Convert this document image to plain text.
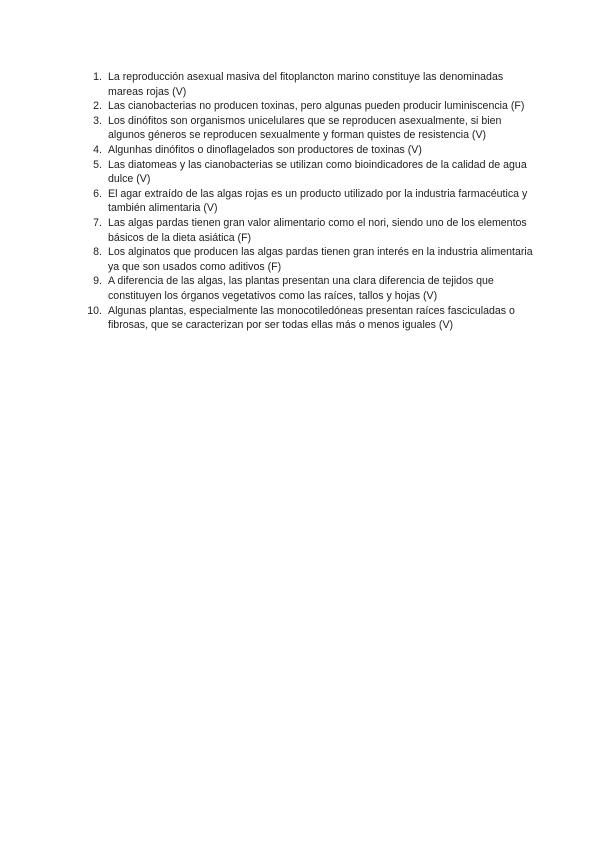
1. La reproducción asexual masiva del fitoplancton marino constituye las denominadas mareas rojas (V)
2. Las cianobacterias no producen toxinas, pero algunas pueden producir luminiscencia (F)
3. Los dinófitos son organismos unicelulares que se reproducen asexualmente, si bien algunos géneros se reproducen sexualmente y forman quistes de resistencia (V)
4. Algunhas dinófitos o dinoflagelados son productores de toxinas (V)
5. Las diatomeas y las cianobacterias se utilizan como bioindicadores de la calidad de agua dulce (V)
6. El agar extraído de las algas rojas es un producto utilizado por la industria farmacéutica y también alimentaria (V)
7. Las algas pardas tienen gran valor alimentario como el nori, siendo uno de los elementos básicos de la dieta asiática (F)
8. Los alginatos que producen las algas pardas tienen gran interés en la industria alimentaria ya que son usados como aditivos (F)
9. A diferencia de las algas, las plantas presentan una clara diferencia de tejidos que constituyen los órganos vegetativos como las raíces, tallos y hojas (V)
10. Algunas plantas, especialmente las monocotiledóneas presentan raíces fasciculadas o fibrosas, que se caracterizan por ser todas ellas más o menos iguales (V)
